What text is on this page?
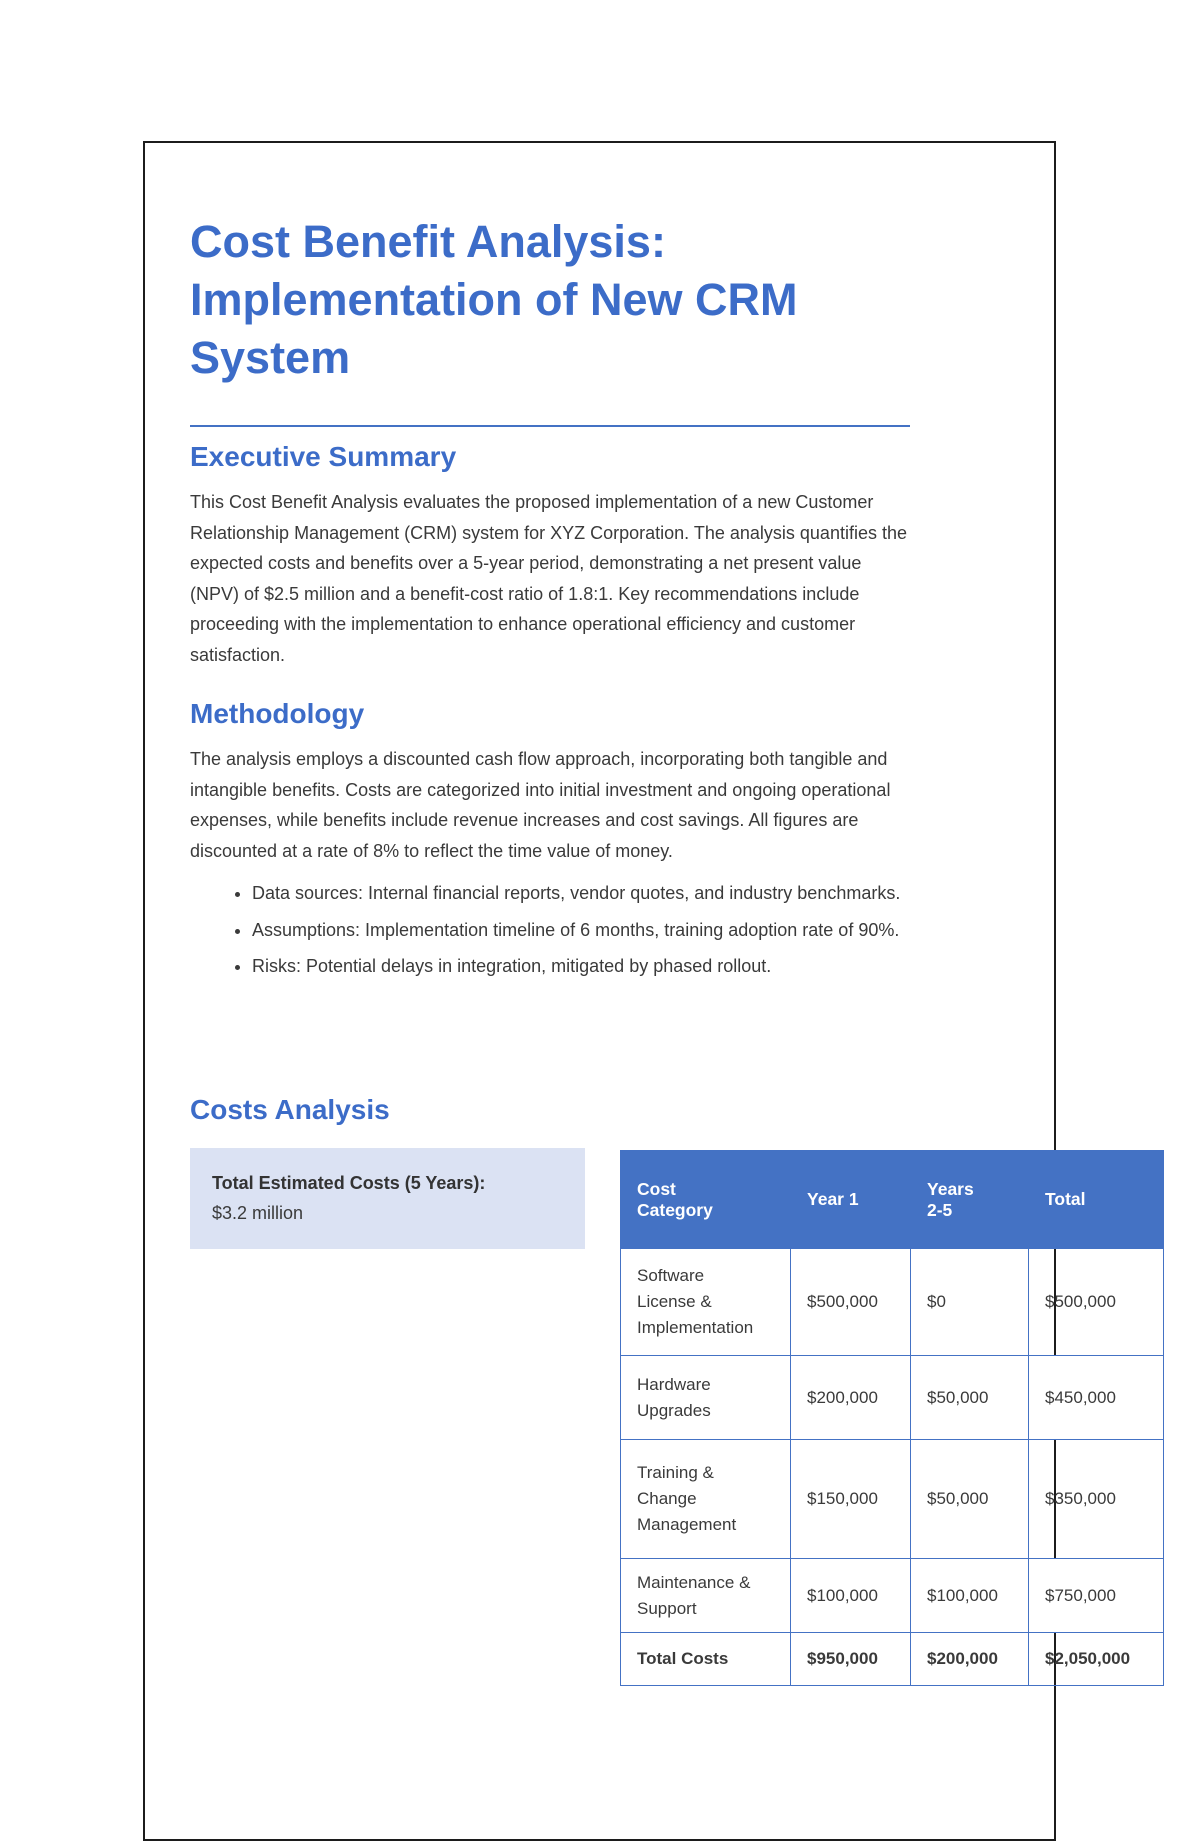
Cost Benefit Analysis: Implementation of New CRM System
Executive Summary

This Cost Benefit Analysis evaluates the proposed implementation of a new Customer Relationship Management (CRM) system for XYZ Corporation. The analysis quantifies the expected costs and benefits over a 5-year period, demonstrating a net present value (NPV) of $2.5 million and a benefit-cost ratio of 1.8:1. Key recommendations include proceeding with the implementation to enhance operational efficiency and customer satisfaction.

Methodology

The analysis employs a discounted cash flow approach, incorporating both tangible and intangible benefits. Costs are categorized into initial investment and ongoing operational expenses, while benefits include revenue increases and cost savings. All figures are discounted at a rate of 8% to reflect the time value of money.

• Data sources: Internal financial reports, vendor quotes, and industry benchmarks.
• Assumptions: Implementation timeline of 6 months, training adoption rate of 90%.
• Risks: Potential delays in integration, mitigated by phased rollout.
Costs Analysis
Total Estimated Costs (5 Years):
$3.2 million
Cost Category	Year 1	Years 2-5	Total
Software License & Implementation	$500,000	$0	$500,000
Hardware Upgrades	$200,000	$50,000	$450,000
Training & Change Management	$150,000	$50,000	$350,000
Maintenance & Support	$100,000	$100,000	$750,000
Total Costs	$950,000	$200,000	$2,050,000
